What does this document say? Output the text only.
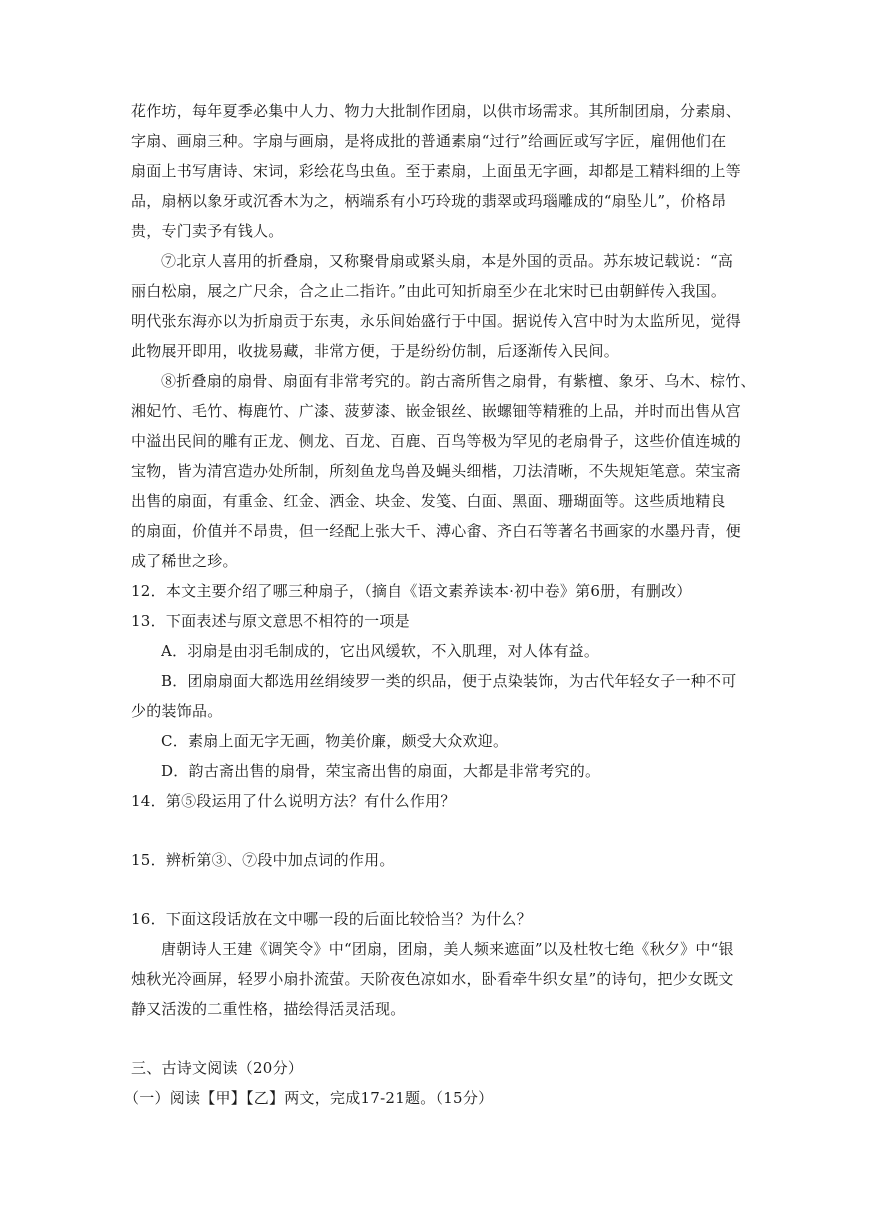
花作坊，每年夏季必集中人力、物力大批制作团扇，以供市场需求。其所制团扇，分素扇、
字扇、画扇三种。字扇与画扇，是将成批的普通素扇“过行”给画匠或写字匠，雇佣他们在
扇面上书写唐诗、宋词，彩绘花鸟虫鱼。至于素扇，上面虽无字画，却都是工精料细的上等
品，扇柄以象牙或沉香木为之，柄端系有小巧玲珑的翡翠或玛瑙雕成的“扇坠儿”，价格昂
贵，专门卖予有钱人。
⑦北京人喜用的折叠扇，又称聚骨扇或紧头扇，本是外国的贡品。苏东坡记载说：“高
丽白松扇，展之广尺余，合之止二指许。”由此可知折扇至少在北宋时已由朝鲜传入我国。
明代张东海亦以为折扇贡于东夷，永乐间始盛行于中国。据说传入宫中时为太监所见，觉得
此物展开即用，收拢易藏，非常方便，于是纷纷仿制，后逐渐传入民间。
⑧折叠扇的扇骨、扇面有非常考究的。韵古斋所售之扇骨，有紫檀、象牙、乌木、棕竹、
湘妃竹、毛竹、梅鹿竹、广漆、菠萝漆、嵌金银丝、嵌螺钿等精雅的上品，并时而出售从宫
中溢出民间的雕有正龙、侧龙、百龙、百鹿、百鸟等极为罕见的老扇骨子，这些价值连城的
宝物，皆为清宫造办处所制，所刻鱼龙鸟兽及蝇头细楷，刀法清晰，不失规矩笔意。荣宝斋
出售的扇面，有重金、红金、洒金、块金、发笺、白面、黑面、珊瑚面等。这些质地精良
的扇面，价值并不昂贵，但一经配上张大千、溥心畬、齐白石等著名书画家的水墨丹青，便
成了稀世之珍。
12．本文主要介绍了哪三种扇子，（摘自《语文素养读本·初中卷》第6册，有删改）
13．下面表述与原文意思不相符的一项是
A．羽扇是由羽毛制成的，它出风缓软，不入肌理，对人体有益。
B．团扇扇面大都选用丝绢绫罗一类的织品，便于点染装饰，为古代年轻女子一种不可
少的装饰品。
C．素扇上面无字无画，物美价廉，颇受大众欢迎。
D．韵古斋出售的扇骨，荣宝斋出售的扇面，大都是非常考究的。
14．第⑤段运用了什么说明方法？有什么作用？
15．辨析第③、⑦段中加点词的作用。
16．下面这段话放在文中哪一段的后面比较恰当？为什么？
唐朝诗人王建《调笑令》中“团扇，团扇，美人频来遮面”以及杜牧七绝《秋夕》中“银
烛秋光冷画屏，轻罗小扇扑流萤。天阶夜色凉如水，卧看牵牛织女星”的诗句，把少女既文
静又活泼的二重性格，描绘得活灵活现。
三、古诗文阅读（20分）
（一）阅读【甲】【乙】两文，完成17-21题。（15分）
